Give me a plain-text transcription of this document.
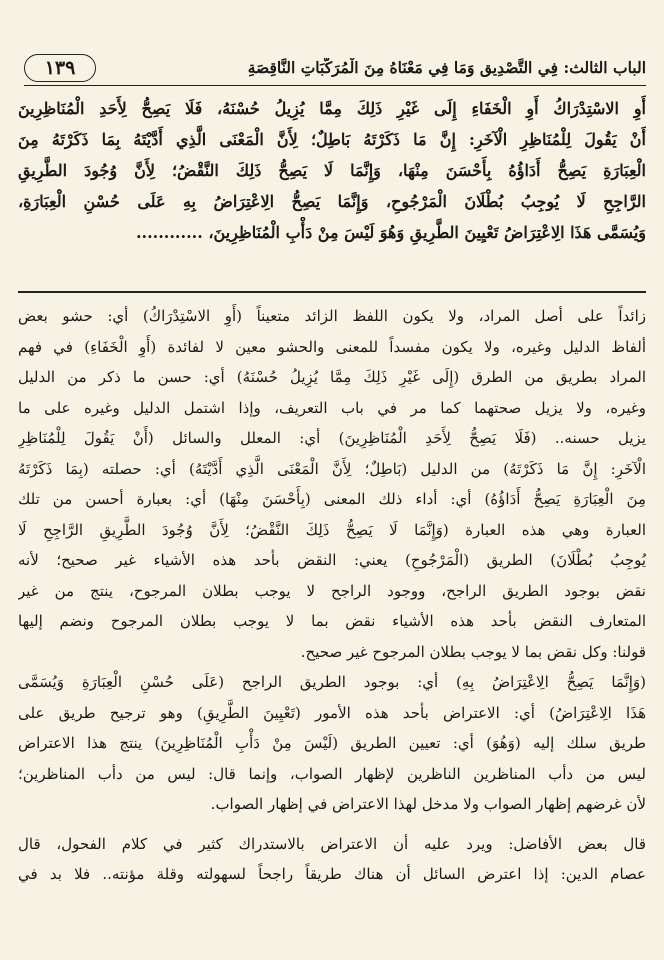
١٣٩	الباب الثالث: فِي التَّصْدِيقِ وَمَا فِي مَعْنَاهُ مِنَ الْمُرَكَّبَاتِ النَّاقِصَةِ
أَوِ الاسْتِدْرَاكُ أَوِ الْخَفَاءِ إِلَى غَيْرِ ذَلِكَ مِمَّا يُزِيلُ حُسْنَهُ، فَلَا يَصِحُّ لِأَحَدِ الْمُنَاظِرِينَ
أَنْ يَقُولَ لِلْمُنَاظِرِ الْآخَرِ: إِنَّ مَا ذَكَرْتَهُ بَاطِلٌ؛ لِأَنَّ الْمَعْنَى الَّذِي أَدَّيْتَهُ بِمَا ذَكَرْتَهُ مِنَ
الْعِبَارَةِ يَصِحُّ أَدَاؤُهُ بِأَحْسَنَ مِنْهَا، وَإِنَّمَا لَا يَصِحُّ ذَلِكَ النَّقْضُ؛ لِأَنَّ وُجُودَ الطَّرِيقِ
الرَّاجِحِ لَا يُوجِبُ بُطْلَانَ الْمَرْجُوحِ، وَإِنَّمَا يَصِحُّ الِاعْتِرَاضُ بِهِ عَلَى حُسْنِ الْعِبَارَةِ،
وَيُسَمَّى هَذَا الِاعْتِرَاضُ تَعْيِينَ الطَّرِيقِ وَهُوَ لَيْسَ مِنْ دَأْبِ الْمُنَاظِرِينَ، ............
زائداً على أصل المراد، ولا يكون اللفظ الزائد متعيناً (أَوِ الاسْتِدْرَاكُ) أي: حشو بعض
ألفاظ الدليل وغيره، ولا يكون مفسداً للمعنى والحشو معين لا لفائدة (أَوِ الْخَفَاءِ) في فهم
المراد بطريق من الطرق (إِلَى غَيْرِ ذَلِكَ مِمَّا يُزِيلُ حُسْنَهُ) أي: حسن ما ذكر من الدليل
وغيره، ولا يزيل صحتهما كما مر في باب التعريف، وإذا اشتمل الدليل وغيره على ما
يزيل حسنه.. (فَلَا يَصِحُّ لِأَحَدِ الْمُنَاظِرِينَ) أي: المعلل والسائل (أَنْ يَقُولَ لِلْمُنَاظِرِ
الْآخَرِ: إِنَّ مَا ذَكَرْتَهُ) من الدليل (بَاطِلٌ؛ لِأَنَّ الْمَعْنَى الَّذِي أَدَّيْتَهُ) أي: حصلته (بِمَا ذَكَرْتَهُ
مِنَ الْعِبَارَةِ يَصِحُّ أَدَاؤُهُ) أي: أداء ذلك المعنى (بِأَحْسَنَ مِنْهَا) أي: بعبارة أحسن من تلك
العبارة وهي هذه العبارة (وَإِنَّمَا لَا يَصِحُّ ذَلِكَ النَّقْضُ؛ لِأَنَّ وُجُودَ الطَّرِيقِ الرَّاجِحِ لَا
يُوجِبُ بُطْلَانَ) الطريق (الْمَرْجُوحِ) يعني: النقض بأحد هذه الأشياء غير صحيح؛ لأنه
نقض بوجود الطريق الراجح، ووجود الراجح لا يوجب بطلان المرجوح، ينتج من غير
المتعارف النقض بأحد هذه الأشياء نقض بما لا يوجب بطلان المرجوح ونضم إليها
قولنا: وكل نقض بما لا يوجب بطلان المرجوح غير صحيح.
(وَإِنَّمَا يَصِحُّ الِاعْتِرَاضُ بِهِ) أي: بوجود الطريق الراجح (عَلَى حُسْنِ الْعِبَارَةِ وَيُسَمَّى
هَذَا الِاعْتِرَاضُ) أي: الاعتراض بأحد هذه الأمور (تَعْيِينَ الطَّرِيقِ) وهو ترجيح طريق على
طريق سلك إليه (وَهُوَ) أي: تعيين الطريق (لَيْسَ مِنْ دَأْبِ الْمُنَاظِرِينَ) ينتج هذا الاعتراض
ليس من دأب المناظرين الناظرين لإظهار الصواب، وإنما قال: ليس من دأب المناظرين؛
لأن غرضهم إظهار الصواب ولا مدخل لهذا الاعتراض في إظهار الصواب.
قال بعض الأفاضل: ويرد عليه أن الاعتراض بالاستدراك كثير في كلام الفحول، قال
عصام الدين: إذا اعترض السائل أن هناك طريقاً راجحاً لسهولته وقلة مؤنته.. فلا بد في
